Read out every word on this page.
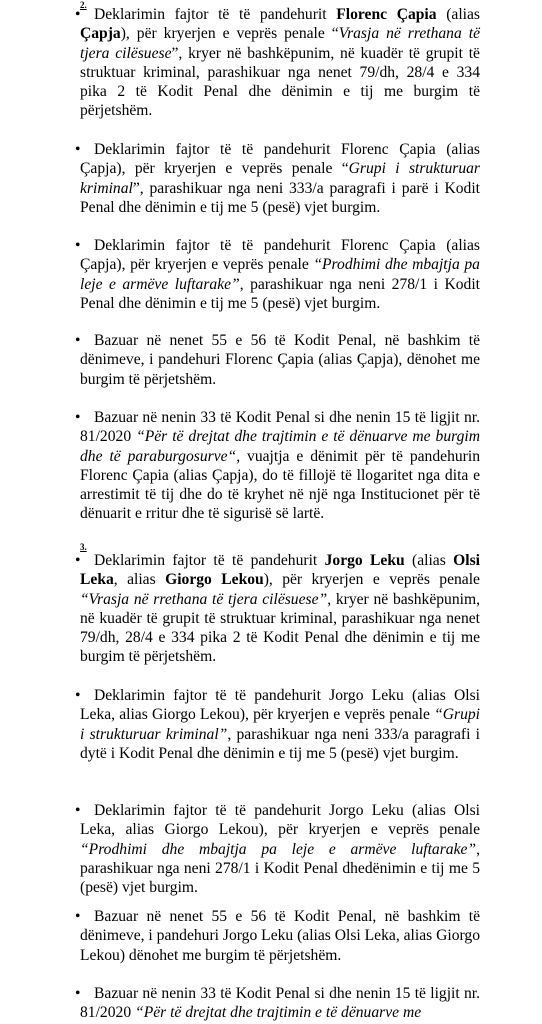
2.
• Deklarimin fajtor të të pandehurit Florenc Çapia (alias Çapja), për kryerjen e veprës penale “Vrasja në rrethana të tjera cilësuese”, kryer në bashkëpunim, në kuadër të grupit të struktuar kriminal, parashikuar nga nenet 79/dh, 28/4 e 334 pika 2 të Kodit Penal dhe dënimin e tij me burgim të përjetshëm.

• Deklarimin fajtor të të pandehurit Florenc Çapia (alias Çapja), për kryerjen e veprës penale “Grupi i strukturuar kriminal”, parashikuar nga neni 333/a paragrafi i parë i Kodit Penal dhe dënimin e tij me 5 (pesë) vjet burgim.

• Deklarimin fajtor të të pandehurit Florenc Çapia (alias Çapja), për kryerjen e veprës penale “Prodhimi dhe mbajtja pa leje e armëve luftarake”, parashikuar nga neni 278/1 i Kodit Penal dhe dënimin e tij me 5 (pesë) vjet burgim.

• Bazuar në nenet 55 e 56 të Kodit Penal, në bashkim të dënimeve, i pandehuri Florenc Çapia (alias Çapja), dënohet me burgim të përjetshëm.

• Bazuar në nenin 33 të Kodit Penal si dhe nenin 15 të ligjit nr. 81/2020 “Për të drejtat dhe trajtimin e të dënuarve me burgim dhe të paraburgosurve“, vuajtja e dënimit për të pandehurin Florenc Çapia (alias Çapja), do të fillojë të llogaritet nga dita e arrestimit të tij dhe do të kryhet në një nga Institucionet për të dënuarit e rritur dhe të sigurisë së lartë.

3.
• Deklarimin fajtor të të pandehurit Jorgo Leku (alias Olsi Leka, alias Giorgo Lekou), për kryerjen e veprës penale “Vrasja në rrethana të tjera cilësuese”, kryer në bashkëpunim, në kuadër të grupit të struktuar kriminal, parashikuar nga nenet 79/dh, 28/4 e 334 pika 2 të Kodit Penal dhe dënimin e tij me burgim të përjetshëm.

• Deklarimin fajtor të të pandehurit Jorgo Leku (alias Olsi Leka, alias Giorgo Lekou), për kryerjen e veprës penale “Grupi i strukturuar kriminal”, parashikuar nga neni 333/a paragrafi i dytë i Kodit Penal dhe dënimin e tij me 5 (pesë) vjet burgim.

• Deklarimin fajtor të të pandehurit Jorgo Leku (alias Olsi Leka, alias Giorgo Lekou), për kryerjen e veprës penale “Prodhimi dhe mbajtja pa leje e armëve luftarake”, parashikuar nga neni 278/1 i Kodit Penal dhedënimin e tij me 5 (pesë) vjet burgim.

• Bazuar në nenet 55 e 56 të Kodit Penal, në bashkim të dënimeve, i pandehuri Jorgo Leku (alias Olsi Leka, alias Giorgo Lekou) dënohet me burgim të përjetshëm.

• Bazuar në nenin 33 të Kodit Penal si dhe nenin 15 të ligjit nr. 81/2020 “Për të drejtat dhe trajtimin e të dënuarve me
